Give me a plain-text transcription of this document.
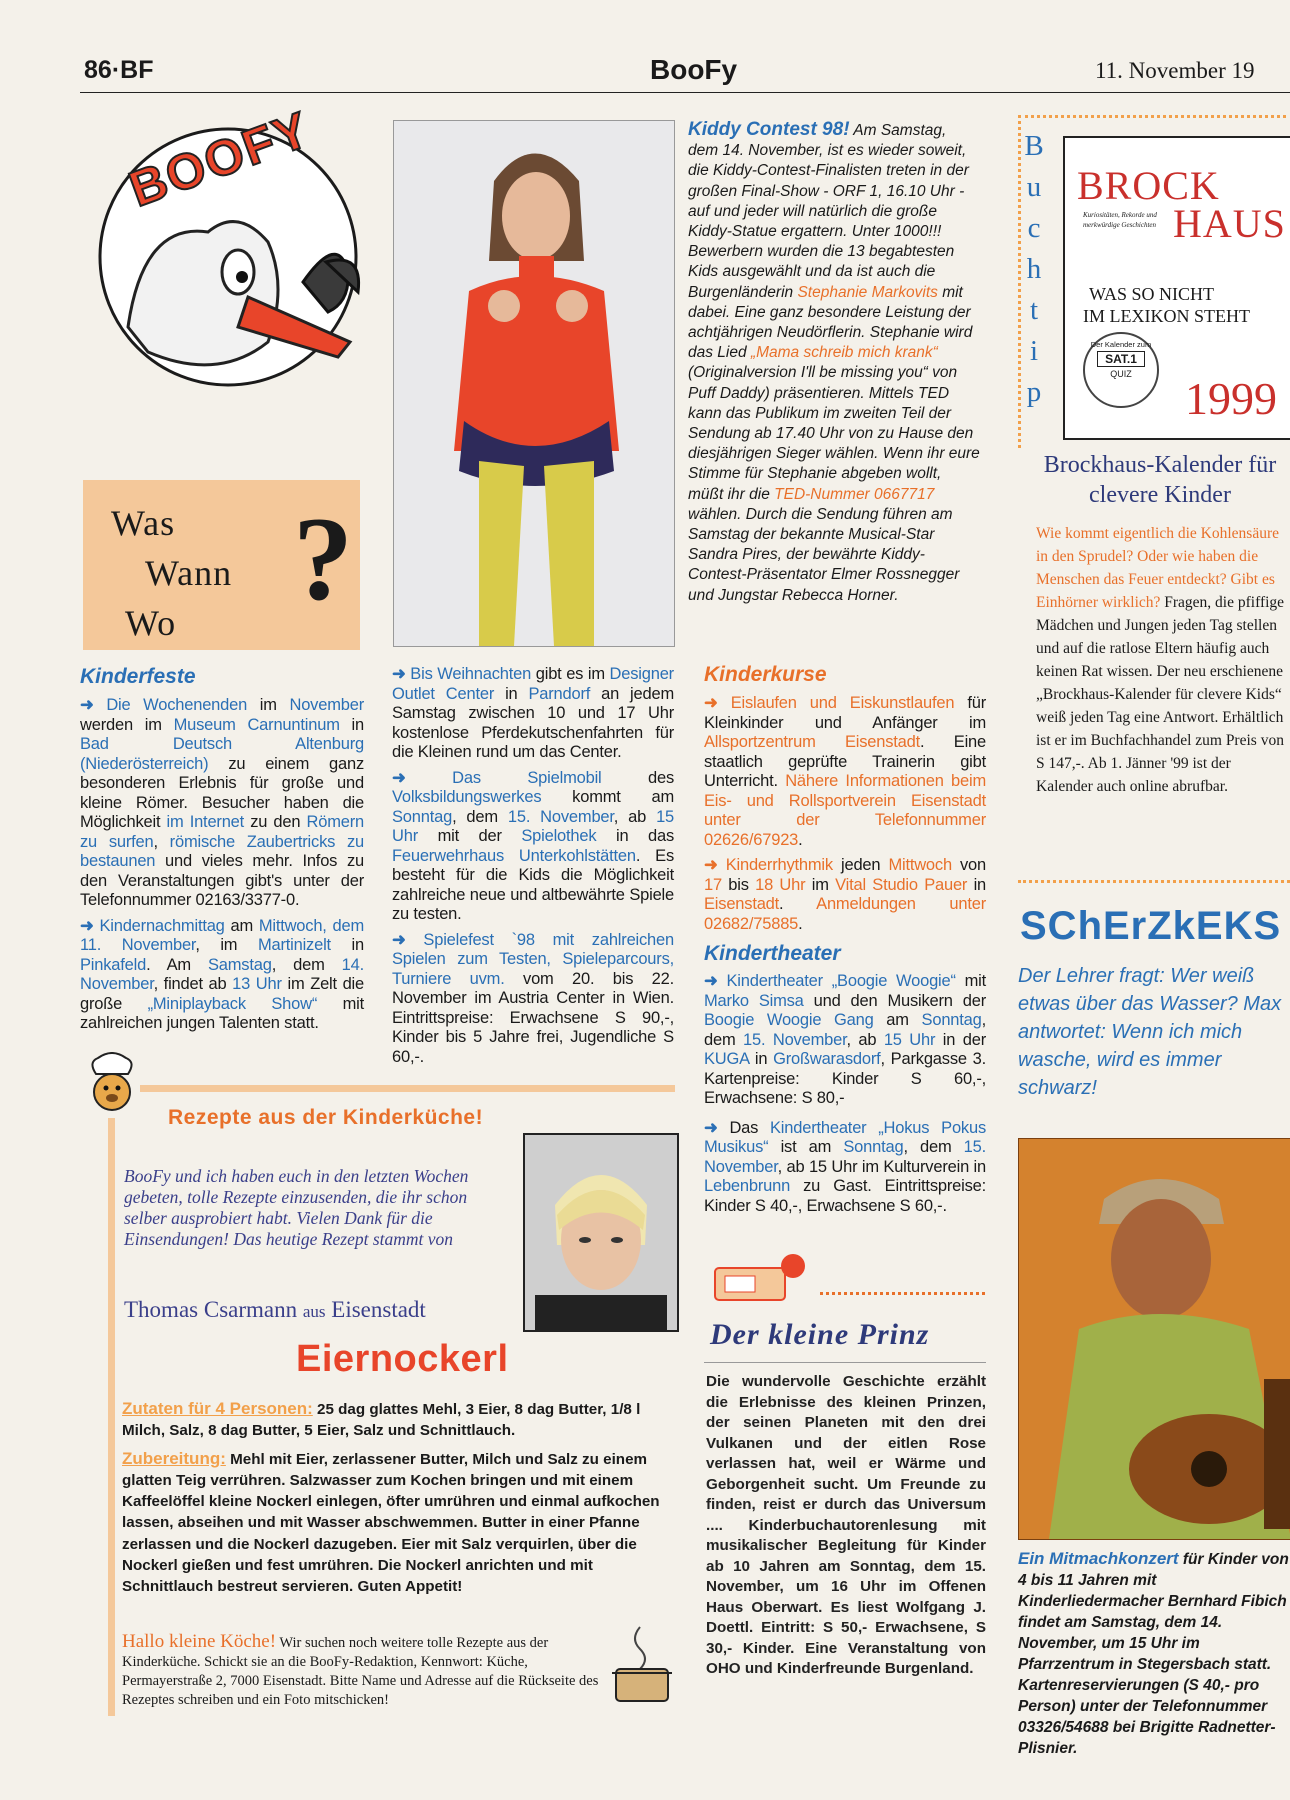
86·BF	BooFy	11. November 19
BOOFY
Was
Wann
Wo ?
Kiddy Contest 98! Am Samstag, dem 14. November, ist es wieder soweit, die Kiddy-Contest-Finalisten treten in der großen Final-Show - ORF 1, 16.10 Uhr - auf und jeder will natürlich die große Kiddy-Statue ergattern. Unter 1000!!! Bewerbern wurden die 13 begabtesten Kids ausgewählt und da ist auch die Burgenländerin Stephanie Markovits mit dabei. Eine ganz besondere Leistung der achtjährigen Neudörflerin. Stephanie wird das Lied „Mama schreib mich krank“ (Originalversion I'll be missing you“ von Puff Daddy) präsentieren. Mittels TED kann das Publikum im zweiten Teil der Sendung ab 17.40 Uhr von zu Hause den diesjährigen Sieger wählen. Wenn ihr eure Stimme für Stephanie abgeben wollt, müßt ihr die TED-Nummer 0667717 wählen. Durch die Sendung führen am Samstag der bekannte Musical-Star Sandra Pires, der bewährte Kiddy-Contest-Präsentator Elmer Rossnegger und Jungstar Rebecca Horner.
Kinderfeste

➜ Die Wochenenden im November werden im Museum Carnuntinum in Bad Deutsch Altenburg (Niederösterreich) zu einem ganz besonderen Erlebnis für große und kleine Römer. Besucher haben die Möglichkeit im Internet zu den Römern zu surfen, römische Zaubertricks zu bestaunen und vieles mehr. Infos zu den Veranstaltungen gibt's unter der Telefonnummer 02163/3377-0.

➜ Kindernachmittag am Mittwoch, dem 11. November, im Martinizelt in Pinkafeld. Am Samstag, dem 14. November, findet ab 13 Uhr im Zelt die große „Miniplayback Show“ mit zahlreichen jungen Talenten statt.

➜ Bis Weihnachten gibt es im Designer Outlet Center in Parndorf an jedem Samstag zwischen 10 und 17 Uhr kostenlose Pferdekutschenfahrten für die Kleinen rund um das Center.

➜	Das Spielmobil des Volksbildungswerkes kommt am Sonntag, dem 15. November, ab 15 Uhr mit der Spielothek in das Feuerwehrhaus Unterkohlstätten. Es besteht für die Kids die Möglichkeit zahlreiche neue und altbewährte Spiele zu testen.

➜ Spielefest `98 mit zahlreichen Spielen zum Testen, Spieleparcours, Turniere uvm. vom 20. bis 22. November im Austria Center in Wien. Eintrittspreise: Erwachsene S 90,-, Kinder bis 5 Jahre frei, Jugendliche S 60,-.

Kinderkurse

➜ Eislaufen und Eiskunstlaufen für Kleinkinder und Anfänger im Allsportzentrum Eisenstadt. Eine staatlich geprüfte Trainerin gibt Unterricht. Nähere Informationen beim Eis- und Rollsportverein Eisenstadt unter der Telefonnummer 02626/67923.

➜ Kinderrhythmik jeden Mittwoch von 17 bis 18 Uhr im Vital Studio Pauer in Eisenstadt. Anmeldungen unter 02682/75885.

Kindertheater

➜ Kindertheater „Boogie Woogie“ mit Marko Simsa und den Musikern der Boogie Woogie Gang am Sonntag, dem 15. November, ab 15 Uhr in der KUGA in Großwarasdorf, Parkgasse 3. Kartenpreise: Kinder S 60,-, Erwachsene: S 80,-

➜ Das Kindertheater „Hokus Pokus Musikus“ ist am Sonntag, dem 15. November, ab 15 Uhr im Kulturverein in Lebenbrunn zu Gast. Eintrittspreise: Kinder S 40,-, Erwachsene S 60,-.

Der kleine Prinz
Die wundervolle Geschichte erzählt die Erlebnisse des kleinen Prinzen, der seinen Planeten mit den drei Vulkanen und der eitlen Rose verlassen hat, weil er Wärme und Geborgenheit sucht. Um Freunde zu finden, reist er durch das Universum .... Kinderbuchautorenlesung mit musikalischer Begleitung für Kinder ab 10 Jahren am Sonntag, dem 15. November, um 16 Uhr im Offenen Haus Oberwart. Es liest Wolfgang J. Doettl. Eintritt: S 50,- Erwachsene, S 30,- Kinder. Eine Veranstaltung von OHO und Kinderfreunde Burgenland.
Rezepte aus der Kinderküche!
BooFy und ich haben euch in den letzten Wochen gebeten, tolle Rezepte einzusenden, die ihr schon selber ausprobiert habt. Vielen Dank für die Einsendungen! Das heutige Rezept stammt von
Thomas Csarmann aus Eisenstadt
Eiernockerl
Zutaten für 4 Personen: 25 dag glattes Mehl, 3 Eier, 8 dag Butter, 1/8 l Milch, Salz, 8 dag Butter, 5 Eier, Salz und Schnittlauch.
Zubereitung: Mehl mit Eier, zerlassener Butter, Milch und Salz zu einem glatten Teig verrühren. Salzwasser zum Kochen bringen und mit einem Kaffeelöffel kleine Nockerl einlegen, öfter umrühren und einmal aufkochen lassen, abseihen und mit Wasser abschwemmen. Butter in einer Pfanne zerlassen und die Nockerl dazugeben. Eier mit Salz verquirlen, über die Nockerl gießen und fest umrühren. Die Nockerl anrichten und mit Schnittlauch bestreut servieren. Guten Appetit!
Hallo kleine Köche! Wir suchen noch weitere tolle Rezepte aus der Kinderküche. Schickt sie an die BooFy-Redaktion, Kennwort: Küche, Permayerstraße 2, 7000 Eisenstadt. Bitte Name und Adresse auf die Rückseite des Rezeptes schreiben und ein Foto mitschicken!
B
u
c
h
t
i
p
BROCK
HAUS
Kuriositäten, Rekorde und merkwürdige Geschichten
WAS SO NICHT
IM LEXIKON STEHT
Der Kalender zum
SAT.1
QUIZ	1999
Brockhaus-Kalender für clevere Kinder
Wie kommt eigentlich die Kohlensäure in den Sprudel? Oder wie haben die Menschen das Feuer entdeckt? Gibt es Einhörner wirklich? Fragen, die pfiffige Mädchen und Jungen jeden Tag stellen und auf die ratlose Eltern häufig auch keinen Rat wissen. Der neu erschienene „Brockhaus-Kalender für clevere Kids“ weiß jeden Tag eine Antwort. Erhältlich ist er im Buchfachhandel zum Preis von S 147,-. Ab 1. Jänner '99 ist der Kalender auch online abrufbar.
SChErZkEKS
Der Lehrer fragt: Wer weiß etwas über das Wasser? Max antwortet: Wenn ich mich wasche, wird es immer schwarz!
Ein Mitmachkonzert für Kinder von 4 bis 11 Jahren mit Kinderliedermacher Bernhard Fibich findet am Samstag, dem 14. November, um 15 Uhr im Pfarrzentrum in Stegersbach statt. Kartenreservierungen (S 40,- pro Person) unter der Telefonnummer 03326/54688 bei Brigitte Radnetter-Plisnier.
